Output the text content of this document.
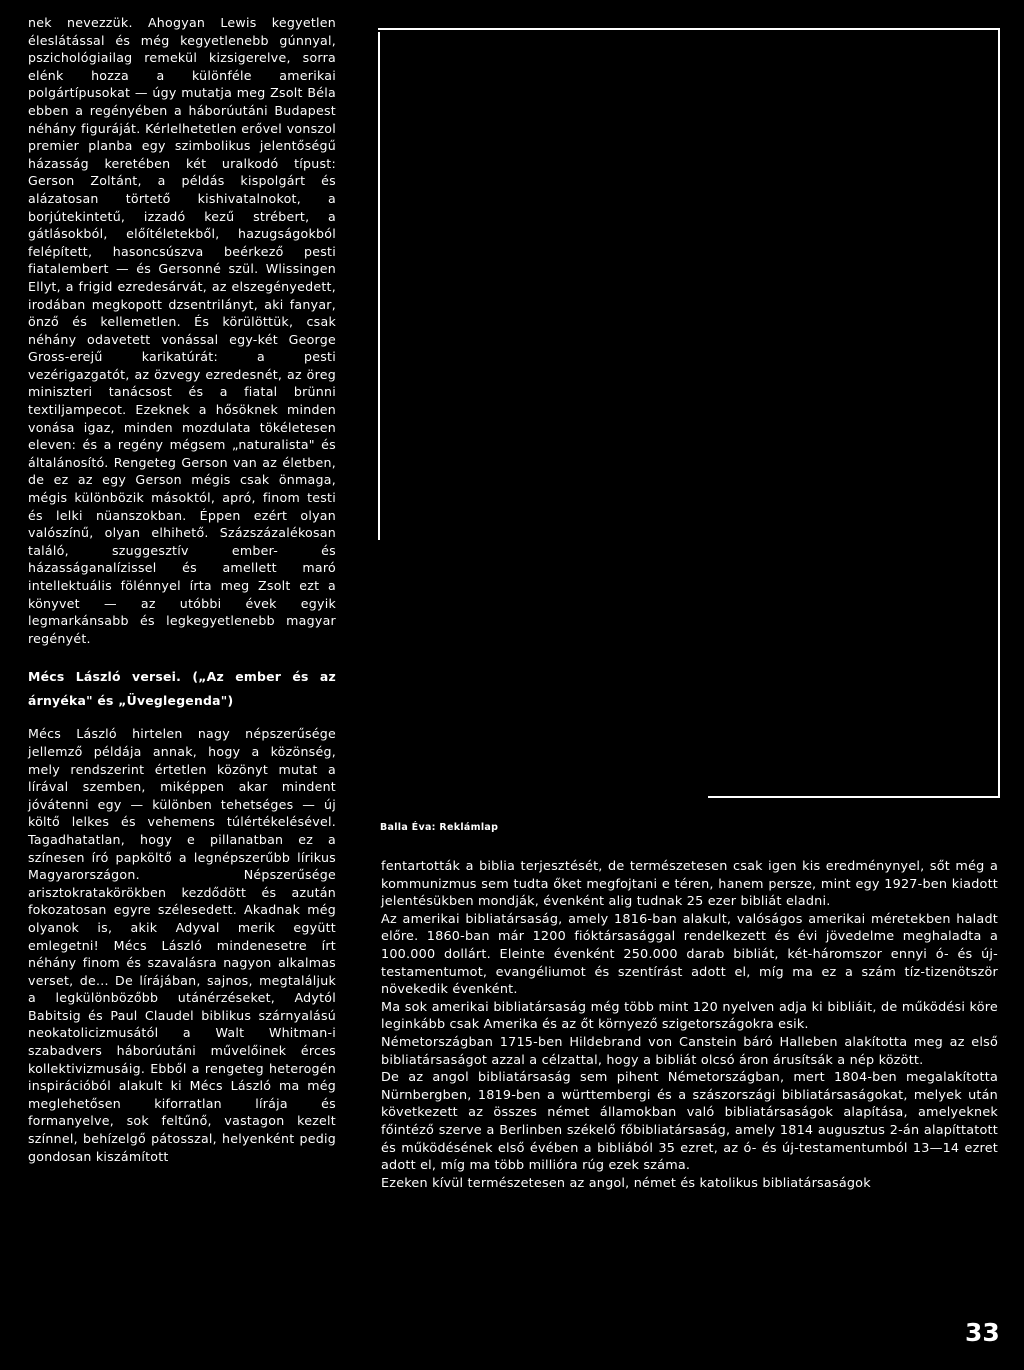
nek nevezzük. Ahogyan Lewis kegyetlen éleslátással és még kegyetlenebb gúnnyal, pszichológiailag remekül kizsigerelve, sorra elénk hozza a különféle amerikai polgártípusokat — úgy mutatja meg Zsolt Béla ebben a regényében a háborúutáni Budapest néhány figuráját. Kérlelhetetlen erővel vonszol premier planba egy szimbolikus jelentőségű házasság keretében két uralkodó típust: Gerson Zoltánt, a példás kispolgárt és alázatosan törtető kishivatalnokot, a borjútekintetű, izzadó kezű strébert, a gátlásokból, előítéletekből, hazugságokból felépített, hasoncsúszva beérkező pesti fiatalembert — és Gersonné szül. Wlissingen Ellyt, a frigid ezredesárvát, az elszegényedett, irodában megkopott dzsentrilányt, aki fanyar, önző és kellemetlen. És körülöttük, csak néhány odavetett vonással egy-két George Gross-erejű karikatúrát: a pesti vezérigazgatót, az özvegy ezredesnét, az öreg miniszteri tanácsost és a fiatal brünni textiljampecot. Ezeknek a hősöknek minden vonása igaz, minden mozdulata tökéletesen eleven: és a regény mégsem „naturalista" és általánosító. Rengeteg Gerson van az életben, de ez az egy Gerson mégis csak önmaga, mégis különbözik másoktól, apró, finom testi és lelki nüanszokban. Éppen ezért olyan valószínű, olyan elhihető. Százszázalékosan találó, szuggesztív ember- és házasságanalízissel és amellett maró intellektuális fölénnyel írta meg Zsolt ezt a könyvet — az utóbbi évek egyik legmarkánsabb és legkegyetlenebb magyar regényét.

Mécs László versei. („Az ember és az árnyéka" és „Üveglegenda")

Mécs László hirtelen nagy népszerűsége jellemző példája annak, hogy a közönség, mely rendszerint értetlen közönyt mutat a lírával szemben, miképpen akar mindent jóvátenni egy — különben tehetséges — új költő lelkes és vehemens túlértékelésével. Tagadhatatlan, hogy e pillanatban ez a színesen író papköltő a legnépszerűbb lírikus Magyarországon. Népszerűsége arisztokratakörökben kezdődött és azután fokozatosan egyre szélesedett. Akadnak még olyanok is, akik Adyval merik együtt emlegetni! Mécs László mindenesetre írt néhány finom és szavalásra nagyon alkalmas verset, de... De lírájában, sajnos, megtaláljuk a legkülönbözőbb utánérzéseket, Adytól Babitsig és Paul Claudel biblikus szárnyalású neokatolicizmusától a Walt Whitman-i szabadvers háborúutáni művelőinek érces kollektivizmusáig. Ebből a rengeteg heterogén inspirációból alakult ki Mécs László ma még meglehetősen kiforratlan lírája és formanyelve, sok feltűnő, vastagon kezelt színnel, behízelgő pátosszal, helyenként pedig gondosan kiszámított

Balla Éva: Reklámlap

fentartották a biblia terjesztését, de természetesen csak igen kis eredménynyel, sőt még a kommunizmus sem tudta őket megfojtani e téren, hanem persze, mint egy 1927-ben kiadott jelentésükben mondják, évenként alig tudnak 25 ezer bibliát eladni.

Az amerikai bibliatársaság, amely 1816-ban alakult, valóságos amerikai méretekben haladt előre. 1860-ban már 1200 fióktársasággal rendelkezett és évi jövedelme meghaladta a 100.000 dollárt. Eleinte évenként 250.000 darab bibliát, két-háromszor ennyi ó- és új-testamentumot, evangéliumot és szentírást adott el, míg ma ez a szám tíz-tizenötször növekedik évenként.

Ma sok amerikai bibliatársaság még több mint 120 nyelven adja ki bibliáit, de működési köre leginkább csak Amerika és az őt környező szigetországokra esik.

Németországban 1715-ben Hildebrand von Canstein báró Halleben alakította meg az első bibliatársaságot azzal a célzattal, hogy a bibliát olcsó áron árusítsák a nép között.

De az angol bibliatársaság sem pihent Németországban, mert 1804-ben megalakította Nürnbergben, 1819-ben a württembergi és a szászországi bibliatársaságokat, melyek után következett az összes német államokban való bibliatársaságok alapítása, amelyeknek főintéző szerve a Berlinben székelő főbibliatársaság, amely 1814 augusztus 2-án alapíttatott és működésének első évében a bibliából 35 ezret, az ó- és új-testamentumból 13—14 ezret adott el, míg ma több millióra rúg ezek száma.

Ezeken kívül természetesen az angol, német és katolikus bibliatársaságok

33
